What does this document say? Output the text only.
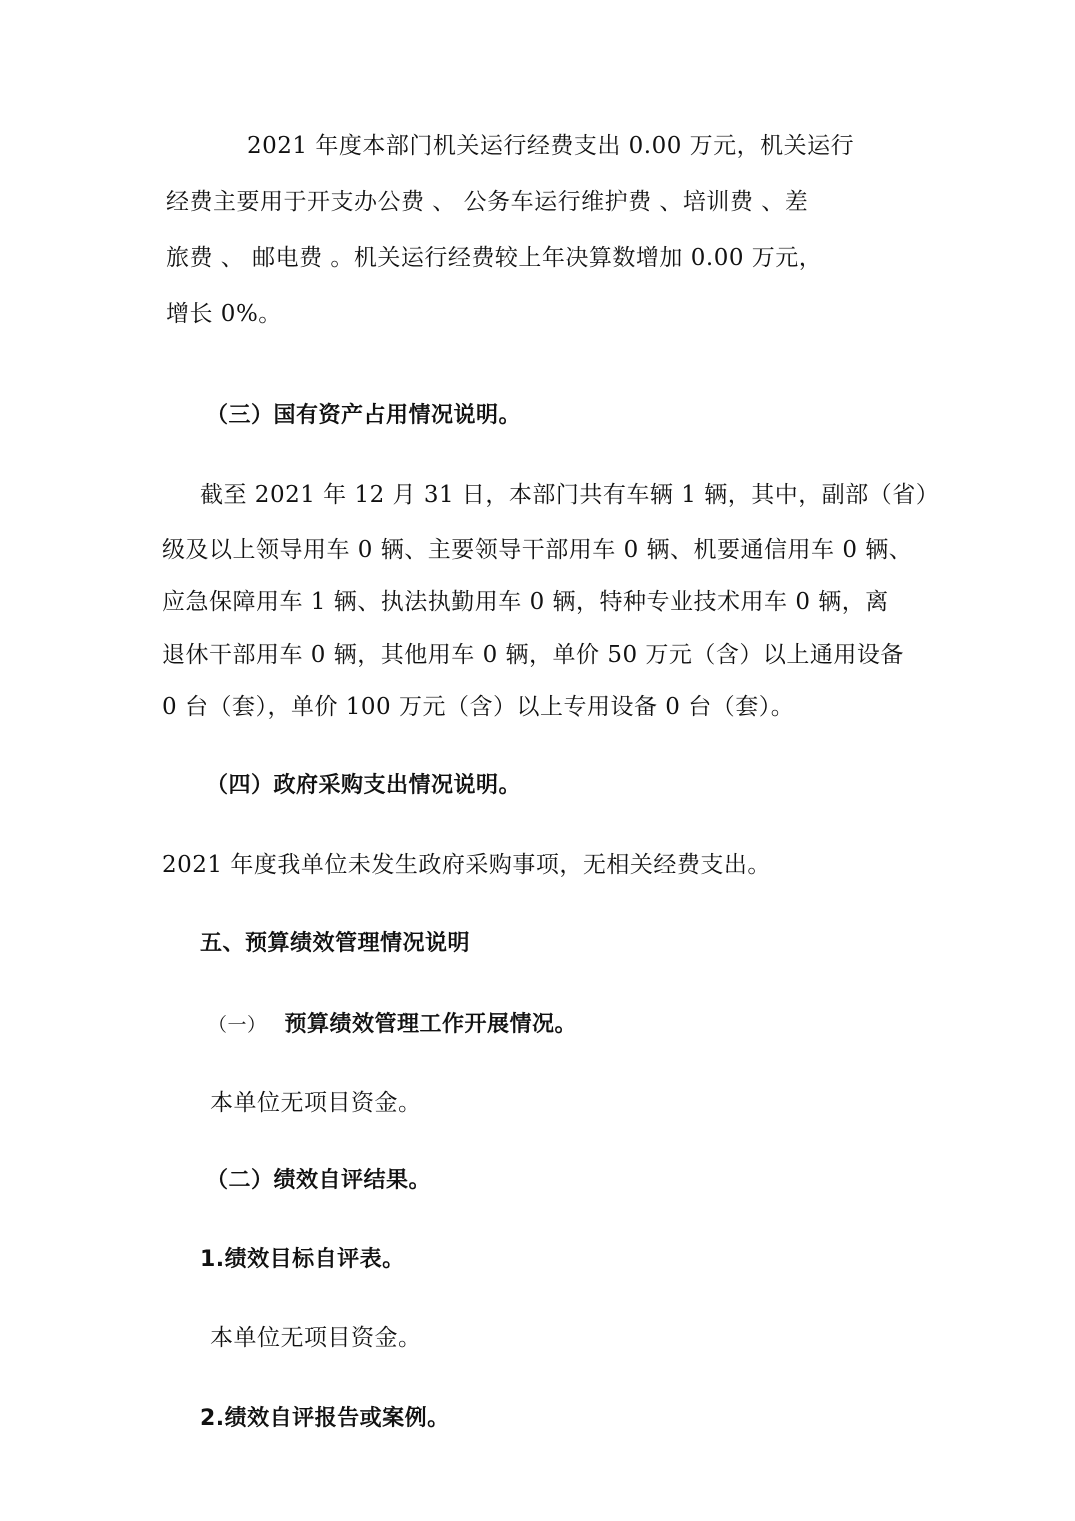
2021 年度本部门机关运行经费支出 0.00 万元，机关运行
经费主要用于开支办公费 、 公务车运行维护费 、培训费 、差
旅费 、 邮电费 。机关运行经费较上年决算数增加 0.00 万元，
增长 0%。
（三）国有资产占用情况说明。
截至 2021 年 12 月 31 日，本部门共有车辆 1 辆，其中，副部（省）
级及以上领导用车 0 辆、主要领导干部用车 0 辆、机要通信用车 0 辆、
应急保障用车 1 辆、执法执勤用车 0 辆，特种专业技术用车 0 辆，离
退休干部用车 0 辆，其他用车 0 辆，单价 50 万元（含）以上通用设备
0 台（套），单价 100 万元（含）以上专用设备 0 台（套）。
（四）政府采购支出情况说明。
2021 年度我单位未发生政府采购事项，无相关经费支出。
五、预算绩效管理情况说明
（一） 预算绩效管理工作开展情况。
本单位无项目资金。
（二）绩效自评结果。
1.绩效目标自评表。
本单位无项目资金。
2.绩效自评报告或案例。
